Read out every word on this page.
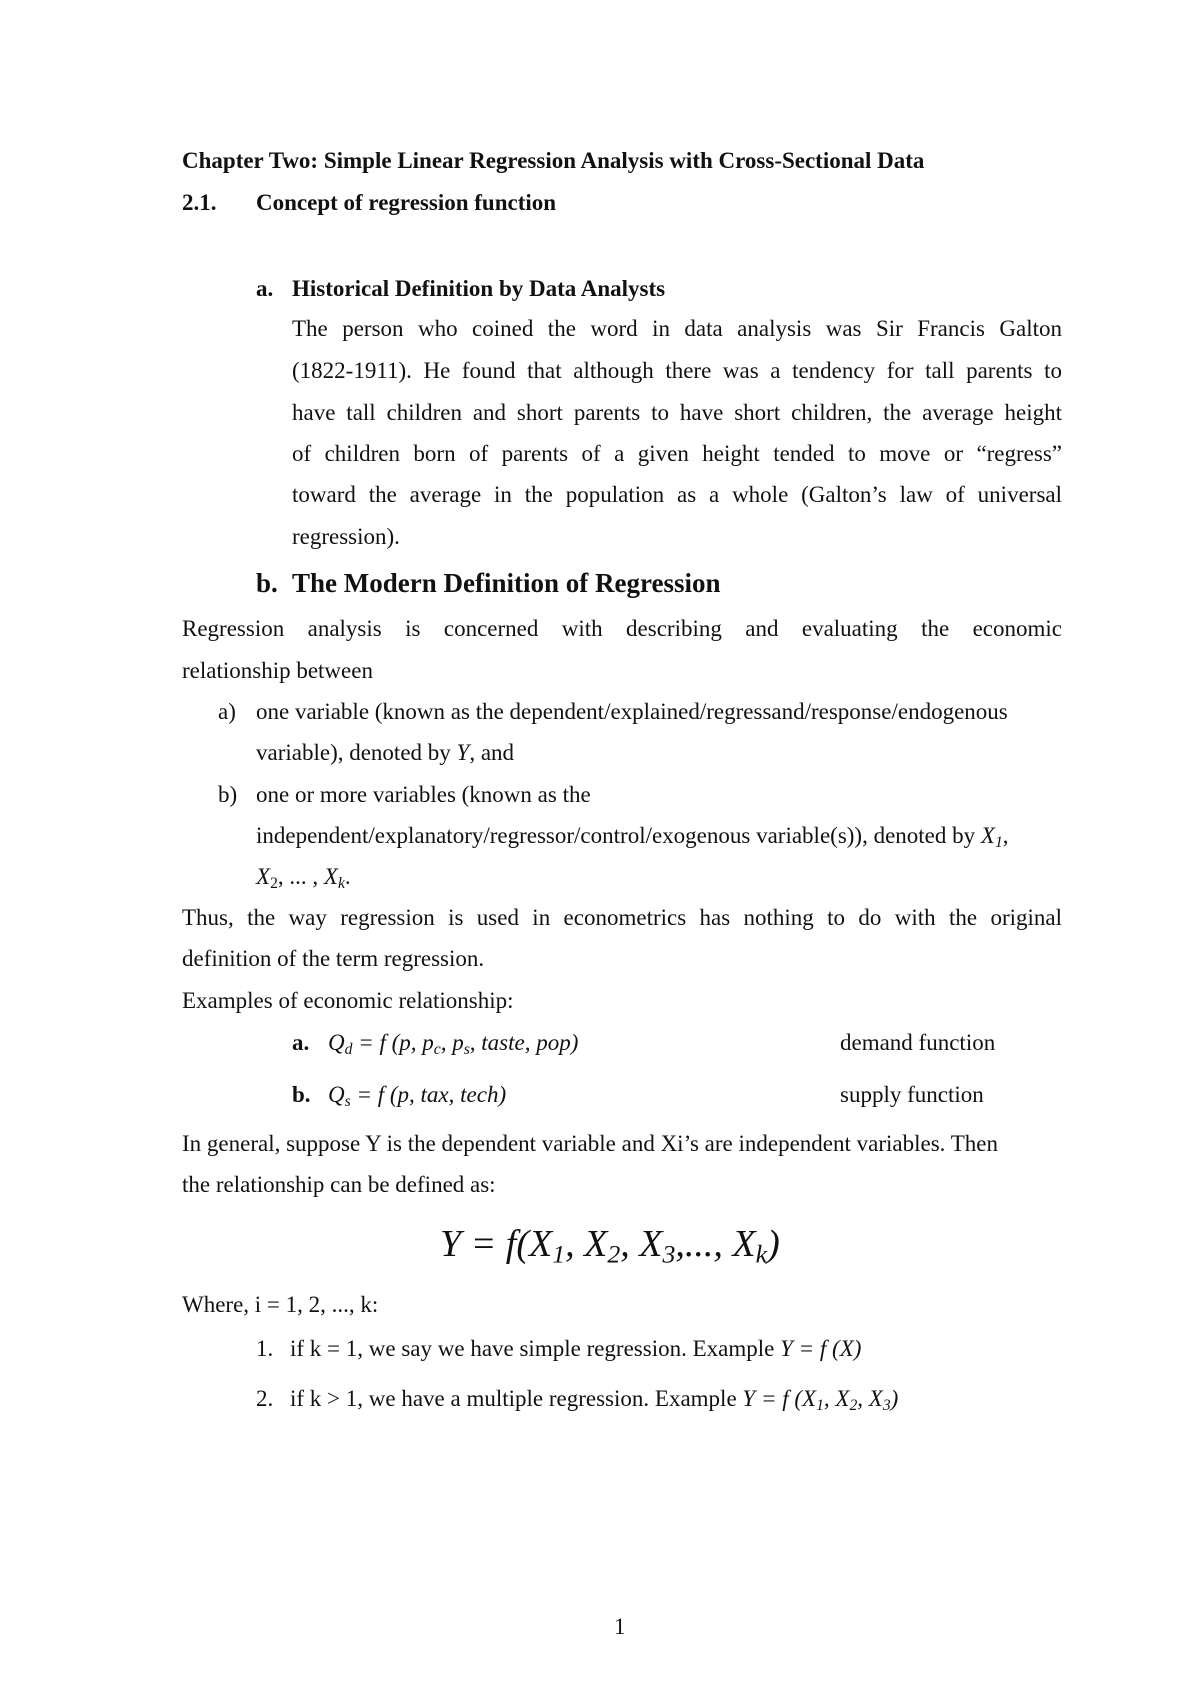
Chapter Two: Simple Linear Regression Analysis with Cross-Sectional Data
2.1. Concept of regression function
a. Historical Definition by Data Analysts
The person who coined the word in data analysis was Sir Francis Galton
(1822-1911). He found that although there was a tendency for tall parents to
have tall children and short parents to have short children, the average height
of children born of parents of a given height tended to move or “regress”
toward the average in the population as a whole (Galton’s law of universal
regression).
b. The Modern Definition of Regression
Regression analysis is concerned with describing and evaluating the economic
relationship between
a) one variable (known as the dependent/explained/regressand/response/endogenous
variable), denoted by Y, and
b) one or more variables (known as the
independent/explanatory/regressor/control/exogenous variable(s)), denoted by $X_1$,
$X_2$, ... , $X_k$.
Thus, the way regression is used in econometrics has nothing to do with the original
definition of the term regression.
Examples of economic relationship:
a. $Q_d = f$ (p, $p_c$, $p_s$, taste, pop)	demand function
b. $Q_s = f$ (p, tax, tech)	supply function
In general, suppose Y is the dependent variable and Xi’s are independent variables. Then
the relationship can be defined as:
$Y = f(X_1$, $X_2$, $X_3$,..., $X_k$)
Where, i = 1, 2, ..., k:
1. if k = 1, we say we have simple regression. Example Y = f (X)
2. if k > 1, we have a multiple regression. Example Y = f ($X_1$, $X_2$, $X_3$)
1
